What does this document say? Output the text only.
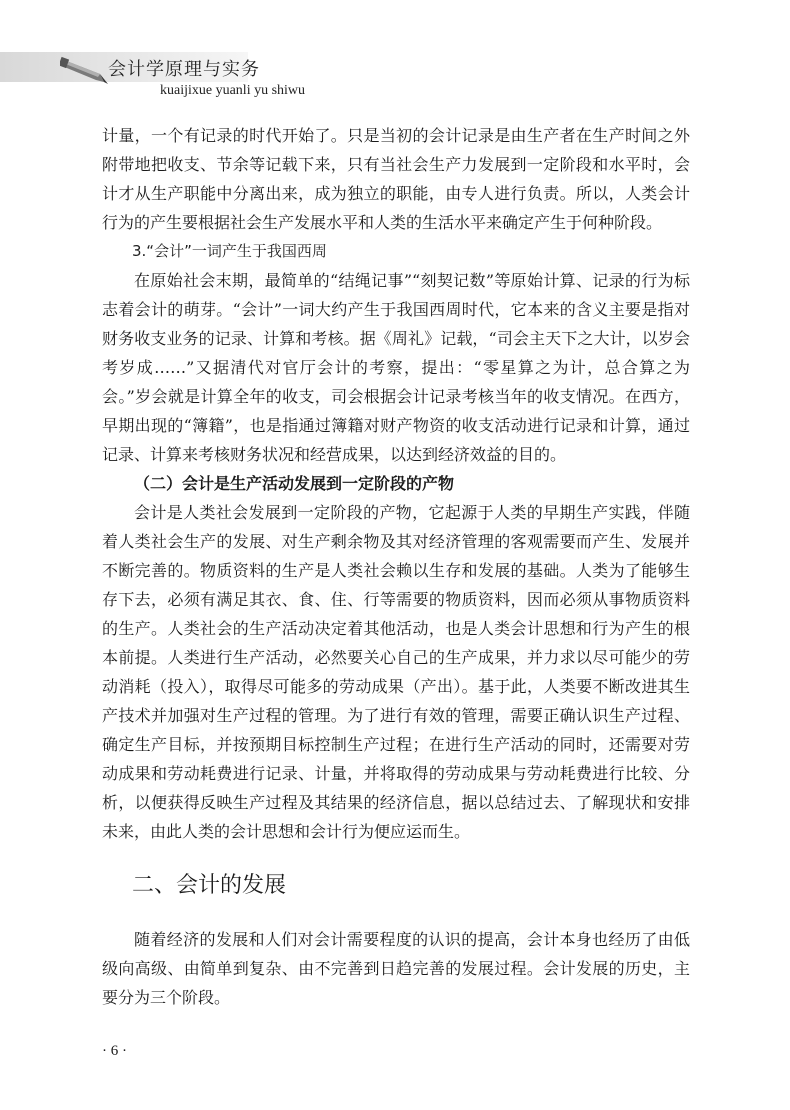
会计学原理与实务
kuaijixue yuanli yu shiwu

计量，一个有记录的时代开始了。只是当初的会计记录是由生产者在生产时间之外附带地把收支、节余等记载下来，只有当社会生产力发展到一定阶段和水平时，会计才从生产职能中分离出来，成为独立的职能，由专人进行负责。所以，人类会计行为的产生要根据社会生产发展水平和人类的生活水平来确定产生于何种阶段。

3.“会计”一词产生于我国西周

在原始社会末期，最简单的“结绳记事”“刻契记数”等原始计算、记录的行为标志着会计的萌芽。“会计”一词大约产生于我国西周时代，它本来的含义主要是指对财务收支业务的记录、计算和考核。据《周礼》记载，“司会主天下之大计，以岁会考岁成……”又据清代对官厅会计的考察，提出：“零星算之为计，总合算之为会。”岁会就是计算全年的收支，司会根据会计记录考核当年的收支情况。在西方，早期出现的“簿籍”，也是指通过簿籍对财产物资的收支活动进行记录和计算，通过记录、计算来考核财务状况和经营成果，以达到经济效益的目的。

（二）会计是生产活动发展到一定阶段的产物

会计是人类社会发展到一定阶段的产物，它起源于人类的早期生产实践，伴随着人类社会生产的发展、对生产剩余物及其对经济管理的客观需要而产生、发展并不断完善的。物质资料的生产是人类社会赖以生存和发展的基础。人类为了能够生存下去，必须有满足其衣、食、住、行等需要的物质资料，因而必须从事物质资料的生产。人类社会的生产活动决定着其他活动，也是人类会计思想和行为产生的根本前提。人类进行生产活动，必然要关心自己的生产成果，并力求以尽可能少的劳动消耗（投入），取得尽可能多的劳动成果（产出）。基于此，人类要不断改进其生产技术并加强对生产过程的管理。为了进行有效的管理，需要正确认识生产过程、确定生产目标，并按预期目标控制生产过程；在进行生产活动的同时，还需要对劳动成果和劳动耗费进行记录、计量，并将取得的劳动成果与劳动耗费进行比较、分析，以便获得反映生产过程及其结果的经济信息，据以总结过去、了解现状和安排未来，由此人类的会计思想和会计行为便应运而生。

二、会计的发展

随着经济的发展和人们对会计需要程度的认识的提高，会计本身也经历了由低级向高级、由简单到复杂、由不完善到日趋完善的发展过程。会计发展的历史，主要分为三个阶段。

· 6 ·
